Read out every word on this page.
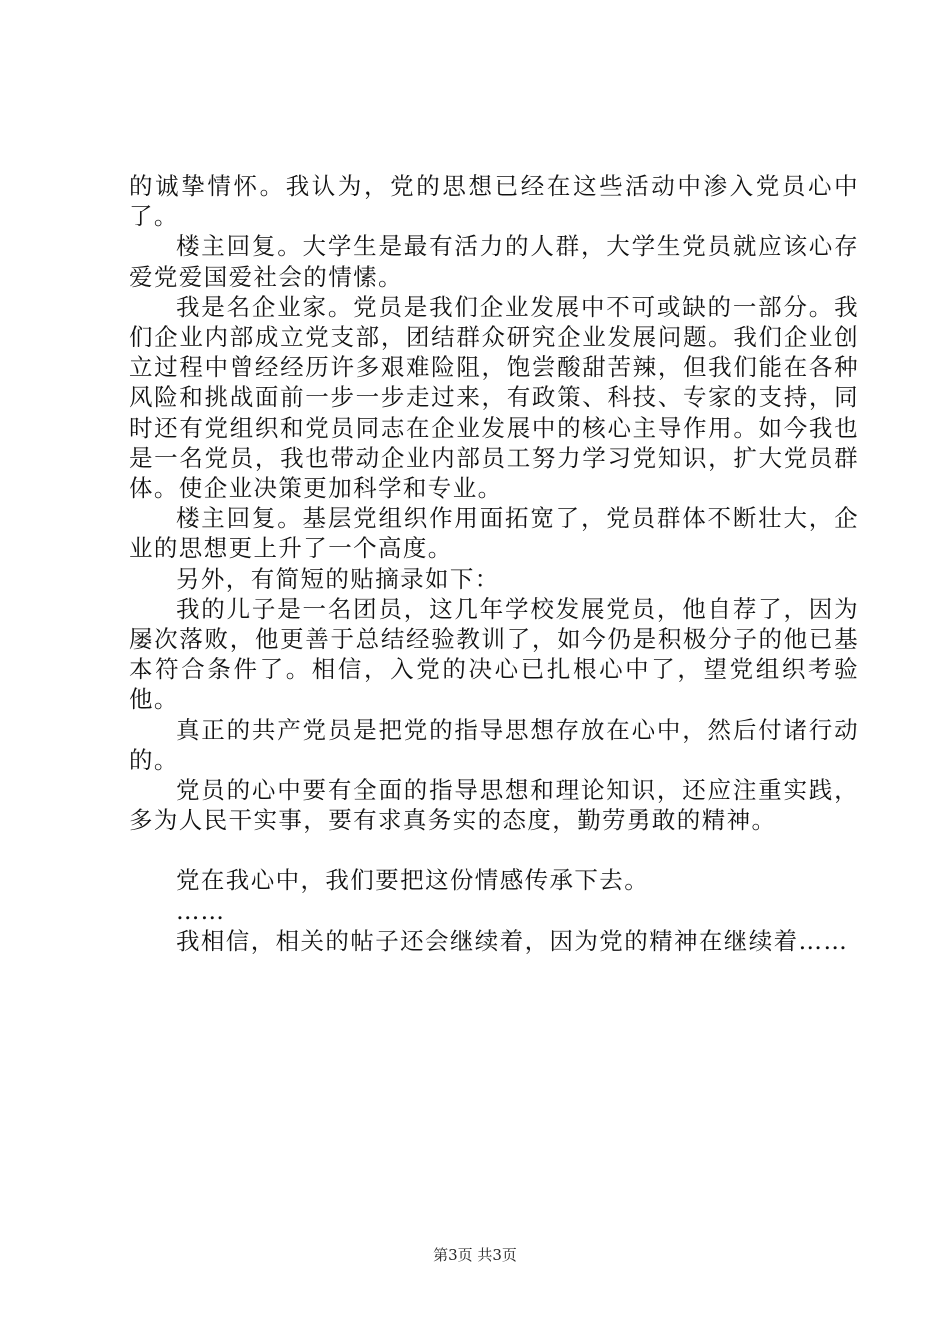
的诚挚情怀。我认为，党的思想已经在这些活动中渗入党员心中了。

楼主回复。大学生是最有活力的人群，大学生党员就应该心存爱党爱国爱社会的情愫。

我是名企业家。党员是我们企业发展中不可或缺的一部分。我们企业内部成立党支部，团结群众研究企业发展问题。我们企业创立过程中曾经经历许多艰难险阻，饱尝酸甜苦辣，但我们能在各种风险和挑战面前一步一步走过来，有政策、科技、专家的支持，同时还有党组织和党员同志在企业发展中的核心主导作用。如今我也是一名党员，我也带动企业内部员工努力学习党知识，扩大党员群体。使企业决策更加科学和专业。

楼主回复。基层党组织作用面拓宽了，党员群体不断壮大，企业的思想更上升了一个高度。

另外，有简短的贴摘录如下：

我的儿子是一名团员，这几年学校发展党员，他自荐了，因为屡次落败，他更善于总结经验教训了，如今仍是积极分子的他已基本符合条件了。相信，入党的决心已扎根心中了，望党组织考验他。

真正的共产党员是把党的指导思想存放在心中，然后付诸行动的。

党员的心中要有全面的指导思想和理论知识，还应注重实践，多为人民干实事，要有求真务实的态度，勤劳勇敢的精神。

党在我心中，我们要把这份情感传承下去。

……

我相信，相关的帖子还会继续着，因为党的精神在继续着……

第3页 共3页
